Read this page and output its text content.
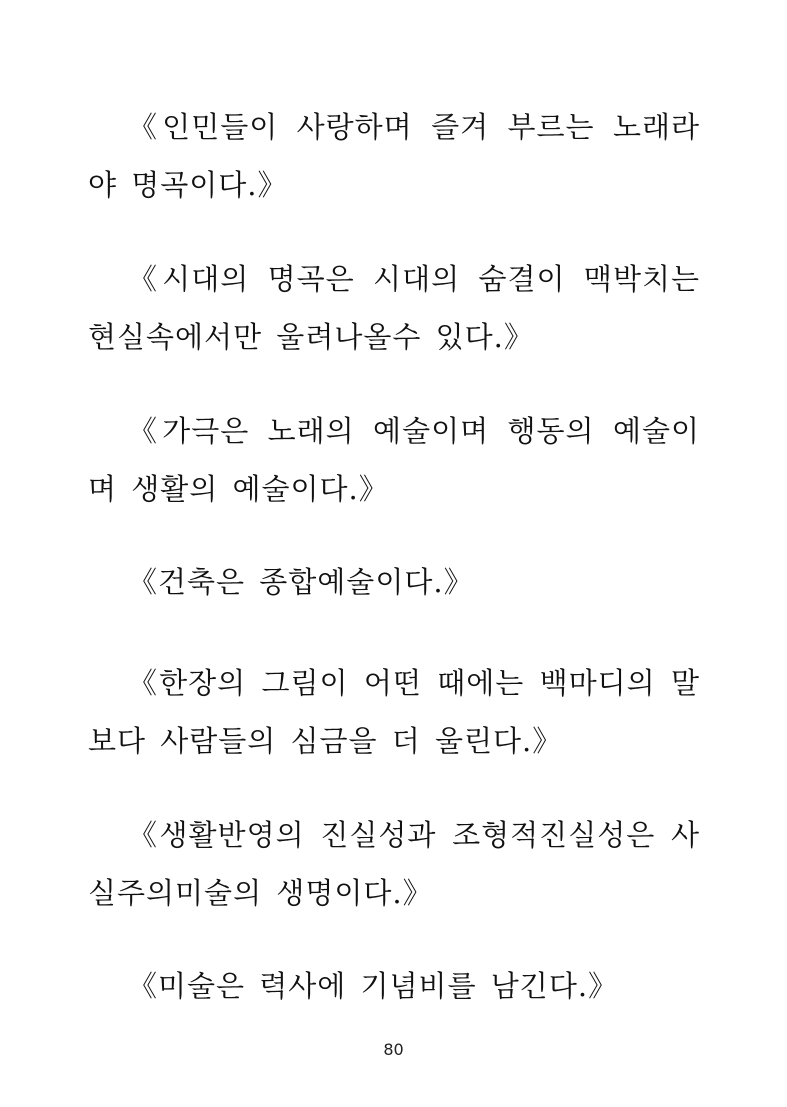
《인민들이 사랑하며 즐겨 부르는 노래라야 명곡이다.》

《시대의 명곡은 시대의 숨결이 맥박치는 현실속에서만 울려나올수 있다.》

《가극은 노래의 예술이며 행동의 예술이며 생활의 예술이다.》

《건축은 종합예술이다.》

《한장의 그림이 어떤 때에는 백마디의 말보다 사람들의 심금을 더 울린다.》

《생활반영의 진실성과 조형적진실성은 사실주의미술의 생명이다.》

《미술은 력사에 기념비를 남긴다.》

80
